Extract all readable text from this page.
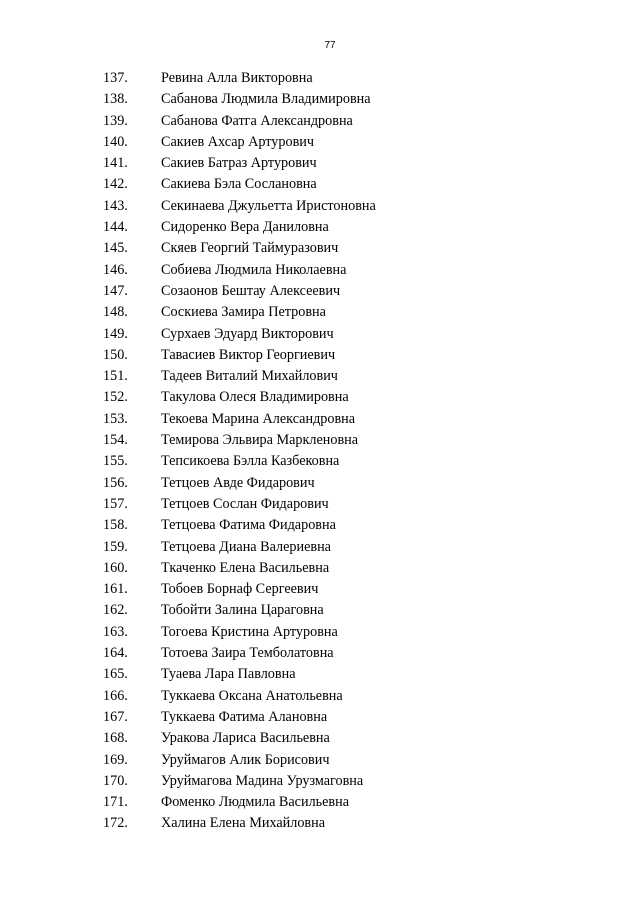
77
137. Ревина Алла Викторовна
138. Сабанова Людмила Владимировна
139. Сабанова Фатга Александровна
140. Сакиев Ахсар Артурович
141. Сакиев Батраз Артурович
142. Сакиева Бэла Сослановна
143. Секинаева Джульетта Иристоновна
144. Сидоренко Вера Даниловна
145. Скяев Георгий Таймуразович
146. Собиева Людмила Николаевна
147. Созаонов Бештау Алексеевич
148. Соскиева Замира Петровна
149. Сурхаев Эдуард Викторович
150. Тавасиев Виктор Георгиевич
151. Тадеев Виталий Михайлович
152. Такулова Олеся Владимировна
153. Текоева Марина Александровна
154. Темирова Эльвира Маркленовна
155. Тепсикоева Бэлла Казбековна
156. Тетцоев Авде Фидарович
157. Тетцоев Сослан Фидарович
158. Тетцоева Фатима Фидаровна
159. Тетцоева Диана Валериевна
160. Ткаченко Елена Васильевна
161. Тобоев Борнаф Сергеевич
162. Тобойти Залина Цараговна
163. Тогоева Кристина Артуровна
164. Тотоева Заира Темболатовна
165. Туаева Лара Павловна
166. Туккаева Оксана Анатольевна
167. Туккаева Фатима Алановна
168. Уракова Лариса Васильевна
169. Уруймагов Алик Борисович
170. Уруймагова Мадина Урузмаговна
171. Фоменко Людмила Васильевна
172. Халина Елена Михайловна
